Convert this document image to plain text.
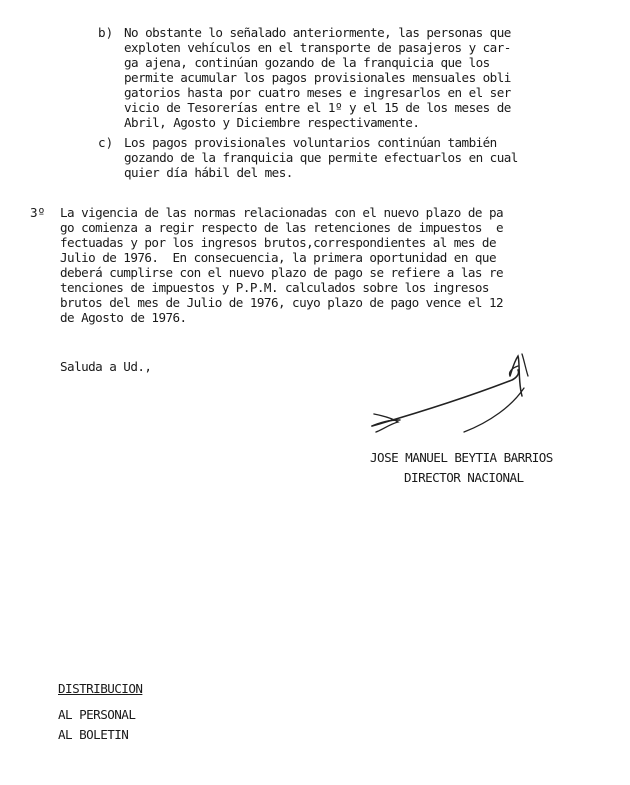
b) No obstante lo señalado anteriormente, las personas que
exploten vehículos en el transporte de pasajeros y car-
ga ajena, continúan gozando de la franquicia que los
permite acumular los pagos provisionales mensuales obli
gatorios hasta por cuatro meses e ingresarlos en el ser
vicio de Tesorerías entre el 1º y el 15 de los meses de
Abril, Agosto y Diciembre respectivamente.
c) Los pagos provisionales voluntarios continúan también
gozando de la franquicia que permite efectuarlos en cual
quier día hábil del mes.
3º La vigencia de las normas relacionadas con el nuevo plazo de pa
go comienza a regir respecto de las retenciones de impuestos  e
fectuadas y por los ingresos brutos,correspondientes al mes de
Julio de 1976.  En consecuencia, la primera oportunidad en que
deberá cumplirse con el nuevo plazo de pago se refiere a las re
tenciones de impuestos y P.P.M. calculados sobre los ingresos
brutos del mes de Julio de 1976, cuyo plazo de pago vence el 12
de Agosto de 1976.
Saluda a Ud.,
JOSE MANUEL BEYTIA BARRIOS
DIRECTOR NACIONAL
DISTRIBUCION
AL PERSONAL
AL BOLETIN
